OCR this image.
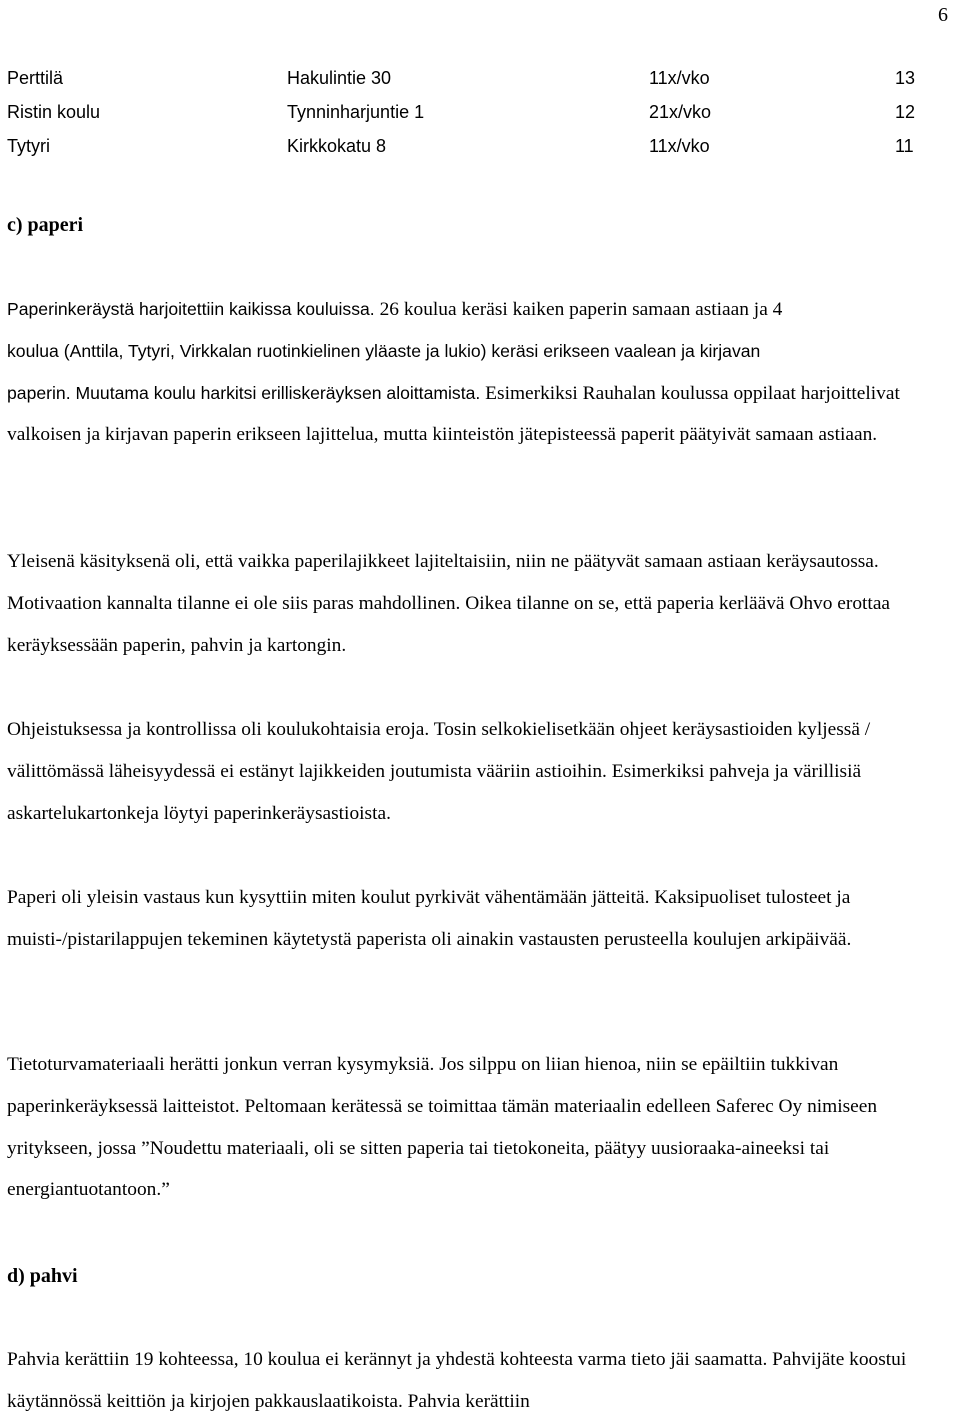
6
Perttilä	Hakulintie 30	11x/vko	13
Ristin koulu	Tynninharjuntie 1	21x/vko	12
Tytyri	Kirkkokatu 8	11x/vko	11
c) paperi

Paperinkeräystä harjoitettiin kaikissa kouluissa. 26 koulua keräsi kaiken paperin samaan astiaan ja 4
koulua (Anttila, Tytyri, Virkkalan ruotinkielinen yläaste ja lukio) keräsi erikseen vaalean ja kirjavan
paperin. Muutama koulu harkitsi erilliskeräyksen aloittamista. Esimerkiksi Rauhalan koulussa oppilaat harjoittelivat valkoisen ja kirjavan paperin erikseen lajittelua, mutta kiinteistön jätepisteessä paperit päätyivät samaan astiaan.

Yleisenä käsityksenä oli, että vaikka paperilajikkeet lajiteltaisiin, niin ne päätyvät samaan astiaan keräysautossa. Motivaation kannalta tilanne ei ole siis paras mahdollinen. Oikea tilanne on se, että paperia kerläävä Ohvo erottaa keräyksessään paperin, pahvin ja kartongin.

Ohjeistuksessa ja kontrollissa oli koulukohtaisia eroja. Tosin selkokielisetkään ohjeet keräysastioiden kyljessä / välittömässä läheisyydessä ei estänyt lajikkeiden joutumista vääriin astioihin. Esimerkiksi pahveja ja värillisiä askartelukartonkeja löytyi paperinkeräysastioista.

Paperi oli yleisin vastaus kun kysyttiin miten koulut pyrkivät vähentämään jätteitä. Kaksipuoliset tulosteet ja muisti-/pistarilappujen tekeminen käytetystä paperista oli ainakin vastausten perusteella koulujen arkipäivää.

Tietoturvamateriaali herätti jonkun verran kysymyksiä. Jos silppu on liian hienoa, niin se epäiltiin tukkivan paperinkeräyksessä laitteistot. Peltomaan kerätessä se toimittaa tämän materiaalin edelleen Saferec Oy nimiseen yritykseen, jossa ”Noudettu materiaali, oli se sitten paperia tai tietokoneita, päätyy uusioraaka-aineeksi tai energiantuotantoon.”

d) pahvi

Pahvia kerättiin 19 kohteessa, 10 koulua ei kerännyt ja yhdestä kohteesta varma tieto jäi saamatta. Pahvijäte koostui käytännössä keittiön ja kirjojen pakkauslaatikoista. Pahvia kerättiin
